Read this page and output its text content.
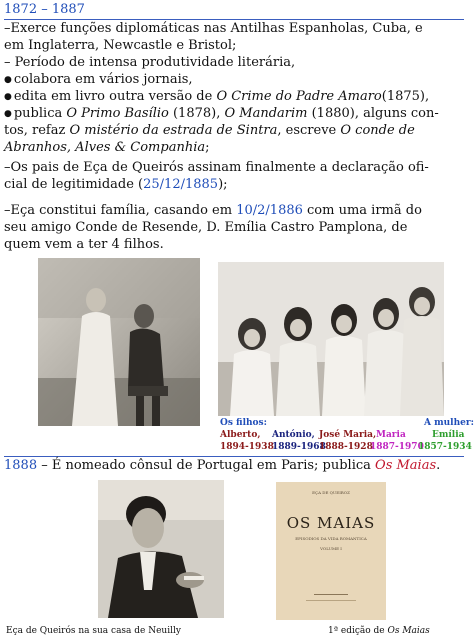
1872 – 1887
–Exerce funções diplomáticas nas Antilhas Espanholas, Cuba, e
em Inglaterra, Newcastle e Bristol;
– Período de intensa produtividade literária,
● colabora em vários jornais,
● edita em livro outra versão de O Crime do Padre Amaro(1875),
● publica O Primo Basílio (1878), O Mandarim (1880), alguns con-
tos, refaz O mistério da estrada de Sintra, escreve O conde de
Abranhos, Alves & Companhia;
–Os pais de Eça de Queirós assinam finalmente a declaração ofi-
cial de legitimidade (25/12/1885);
–Eça constitui família, casando em 10/2/1886 com uma irmã do
seu amigo Conde de Resende, D. Emília Castro Pamplona, de
quem vem a ter 4 filhos.
Os filhos:	A mulher:
Alberto,
1894-1938
António,
1889-1968
José Maria,
1888-1928
Maria
1887-1970
Emília
1857-1934
1888 – É nomeado cônsul de Portugal em Paris; publica Os Maias.
EÇA DE QUEIROZ
OS MAIAS
EPISODIOS DA VIDA ROMANTICA
VOLUME I
Eça de Queirós na sua casa de Neuilly	1ª edição de Os Maias
